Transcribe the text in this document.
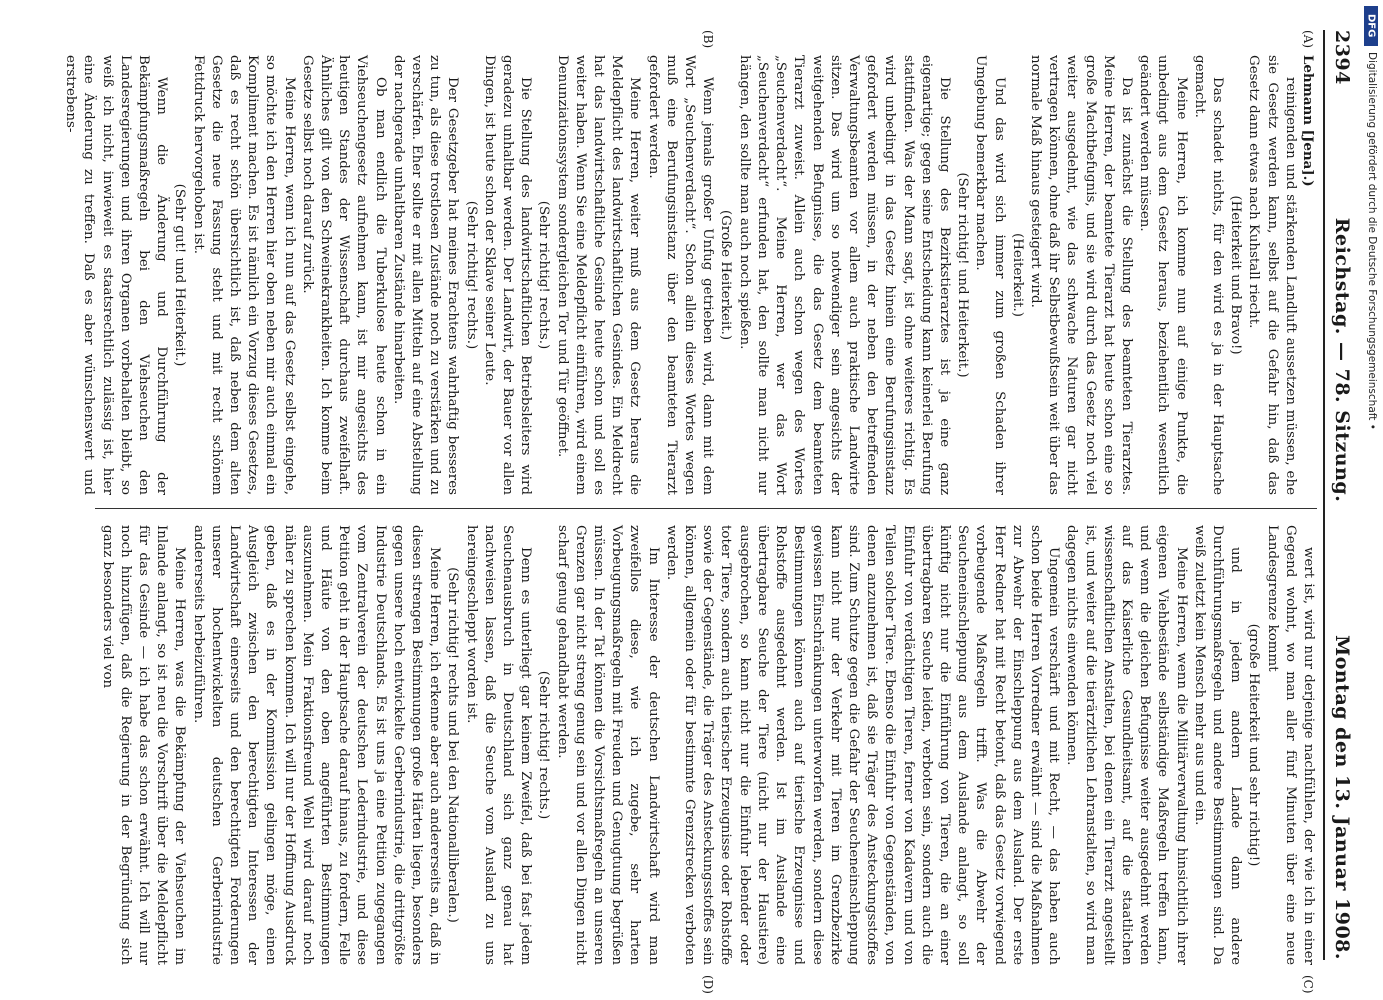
2394
Reichstag. — 78. Sitzung.
Montag den 13. Januar 1908.
(A)
(B)
(C)
(D)

Lehmann [Jena].)

reinigenden und stärkenden Landluft aussetzen müssen, ehe sie Gesetz werden kann, selbst auf die Gefahr hin, daß das Gesetz dann etwas nach Kuhstall riecht.

(Heiterkeit und Bravo!)

Das schadet nichts, für den wird es ja in der Hauptsache gemacht.

Meine Herren, ich komme nun auf einige Punkte, die unbedingt aus dem Gesetz heraus, beziehentlich wesentlich geändert werden müssen.

Da ist zunächst die Stellung des beamteten Tierarztes. Meine Herren, der beamtete Tierarzt hat heute schon eine so große Machtbefugnis, und sie wird durch das Gesetz noch viel weiter ausgedehnt, wie das schwache Naturen gar nicht vertragen können, ohne daß ihr Selbstbewußtsein weit über das normale Maß hinaus gesteigert wird.

(Heiterkeit.)

Und das wird sich immer zum großen Schaden ihrer Umgebung bemerkbar machen.

(Sehr richtig! und Heiterkeit.)

Die Stellung des Bezirkstierarztes ist ja eine ganz eigenartige; gegen seine Entscheidung kann keinerlei Berufung stattfinden. Was der Mann sagt, ist ohne weiteres richtig. Es wird unbedingt in das Gesetz hinein eine Berufungsinstanz gefordert werden müssen, in der neben den betreffenden Verwaltungsbeamten vor allem auch praktische Landwirte sitzen. Das wird um so notwendiger sein angesichts der weitgehenden Befugnisse, die das Gesetz dem beamteten Tierarzt zuweist. Allein auch schon wegen des Wortes „Seuchenverdacht“. Meine Herren, wer das Wort „Seuchenverdacht“ erfunden hat, den sollte man nicht nur hängen, den sollte man auch noch spießen.

(Große Heiterkeit.)

Wenn jemals großer Unfug getrieben wird, dann mit dem Wort „Seuchenverdacht“. Schon allein dieses Wortes wegen muß eine Berufungsinstanz über den beamteten Tierarzt gefordert werden.

Meine Herren, weiter muß aus dem Gesetz heraus die Meldepflicht des landwirtschaftlichen Gesindes. Ein Meldrecht hat das landwirtschaftliche Gesinde heute schon und soll es weiter haben. Wenn Sie eine Meldepflicht einführen, wird einem Denunziationssystem sondergleichen Tor und Tür geöffnet.

(Sehr richtig! rechts.)

Die Stellung des landwirtschaftlichen Betriebsleiters wird geradezu unhaltbar werden. Der Landwirt, der Bauer vor allen Dingen, ist heute schon der Sklave seiner Leute.

(Sehr richtig! rechts.)

Der Gesetzgeber hat meines Erachtens wahrhaftig besseres zu tun, als diese trostlosen Zustände noch zu verstärken und zu verschärfen. Eher sollte er mit allen Mitteln auf eine Abstellung der nachgerade unhaltbaren Zustände hinarbeiten.

Ob man endlich die Tuberkulose heute schon in ein Viehseuchengesetz aufnehmen kann, ist mir angesichts des heutigen Standes der Wissenschaft durchaus zweifelhaft. Ähnliches gilt von den Schweinekrankheiten. Ich komme beim Gesetze selbst noch darauf zurück.

Meine Herren, wenn ich nun auf das Gesetz selbst eingehe, so möchte ich den Herren hier oben neben mir auch einmal ein Kompliment machen. Es ist nämlich ein Vorzug dieses Gesetzes, daß es recht schön übersichtlich ist, daß neben dem alten Gesetze die neue Fassung steht und mit recht schönem Fettdruck hervorgehoben ist.

(Sehr gut! und Heiterkeit.)

Wenn die Änderung und Durchführung der Bekämpfungsmaßregeln bei den Viehseuchen den Landesregierungen und ihren Organen vorbehalten bleibt, so weiß ich nicht, inwieweit es staatsrechtlich zulässig ist, hier eine Änderung zu treffen. Daß es aber wünschenswert und erstrebens-

wert ist, wird nur derjenige nachfühlen, der wie ich in einer Gegend wohnt, wo man aller fünf Minuten über eine neue Landesgrenze kommt

(große Heiterkeit und sehr richtig!)

und in jedem andern Lande dann andere Durchführungsmaßregeln und andere Bestimmungen sind. Da weiß zuletzt kein Mensch mehr aus und ein.

Meine Herren, wenn die Militärverwaltung hinsichtlich ihrer eigenen Viehbestände selbständige Maßregeln treffen kann, und wenn die gleichen Befugnisse weiter ausgedehnt werden auf das Kaiserliche Gesundheitsamt, auf die staatlichen wissenschaftlichen Anstalten, bei denen ein Tierarzt angestellt ist, und weiter auf die tierärztlichen Lehranstalten, so wird man dagegen nichts einwenden können.

Ungemein verschärft und mit Recht, — das haben auch schon beide Herren Vorredner erwähnt — sind die Maßnahmen zur Abwehr der Einschleppung aus dem Ausland. Der erste Herr Redner hat mit Recht betont, daß das Gesetz vorwiegend vorbeugende Maßregeln trifft. Was die Abwehr der Seucheneinschleppung aus dem Auslande anlangt, so soll künftig nicht nur die Einführung von Tieren, die an einer übertragbaren Seuche leiden, verboten sein, sondern auch die Einfuhr von verdächtigen Tieren, ferner von Kadavern und von Teilen solcher Tiere. Ebenso die Einfuhr von Gegenständen, von denen anzunehmen ist, daß sie Träger des Ansteckungsstoffes sind. Zum Schutze gegen die Gefahr der Seucheneinschleppung kann nicht nur der Verkehr mit Tieren im Grenzbezirke gewissen Einschränkungen unterworfen werden, sondern diese Bestimmungen können auch auf tierische Erzeugnisse und Rohstoffe ausgedehnt werden. Ist im Auslande eine übertragbare Seuche der Tiere (nicht nur der Haustiere) ausgebrochen, so kann nicht nur die Einfuhr lebender oder toter Tiere, sondern auch tierischer Erzeugnisse oder Rohstoffe sowie der Gegenstände, die Träger des Ansteckungsstoffes sein können, allgemein oder für bestimmte Grenzstrecken verboten werden.

Im Interesse der deutschen Landwirtschaft wird man zweifellos diese, wie ich zugebe, sehr harten Vorbeugungsmaßregeln mit Freuden und Genugtuung begrüßen müssen. In der Tat können die Vorsichtsmaßregeln an unseren Grenzen gar nicht streng genug sein und vor allen Dingen nicht scharf genug gehandhabt werden.

(Sehr richtig! rechts.)

Denn es unterliegt gar keinem Zweifel, daß bei fast jedem Seuchenausbruch in Deutschland sich ganz genau hat nachweisen lassen, daß die Seuche vom Ausland zu uns hereingeschleppt worden ist.

(Sehr richtig! rechts und bei den Nationalliberalen.)

Meine Herren, ich erkenne aber auch andererseits an, daß in diesen strengen Bestimmungen große Härten liegen, besonders gegen unsere hoch entwickelte Gerberindustrie, die drittgrößte Industrie Deutschlands. Es ist uns ja eine Petition zugegangen vom Zentralverein der deutschen Lederindustrie, und diese Petition geht in der Hauptsache darauf hinaus, zu fordern, Felle und Häute von den oben angeführten Bestimmungen auszunehmen. Mein Fraktionsfreund Wehl wird darauf noch näher zu sprechen kommen. Ich will nur der Hoffnung Ausdruck geben, daß es in der Kommission gelingen möge, einen Ausgleich zwischen den berechtigten Interessen der Landwirtschaft einerseits und den berechtigten Forderungen unserer hochentwickelten deutschen Gerberindustrie andererseits herbeizuführen.

Meine Herren, was die Bekämpfung der Viehseuchen im Inlande anlangt, so ist neu die Vorschrift über die Meldepflicht für das Gesinde — ich habe das schon erwähnt. Ich will nur noch hinzufügen, daß die Regierung in der Begründung sich ganz besonders viel von

DFG
Digitalisierung gefördert durch die Deutsche Forschungsgemeinschaft •
